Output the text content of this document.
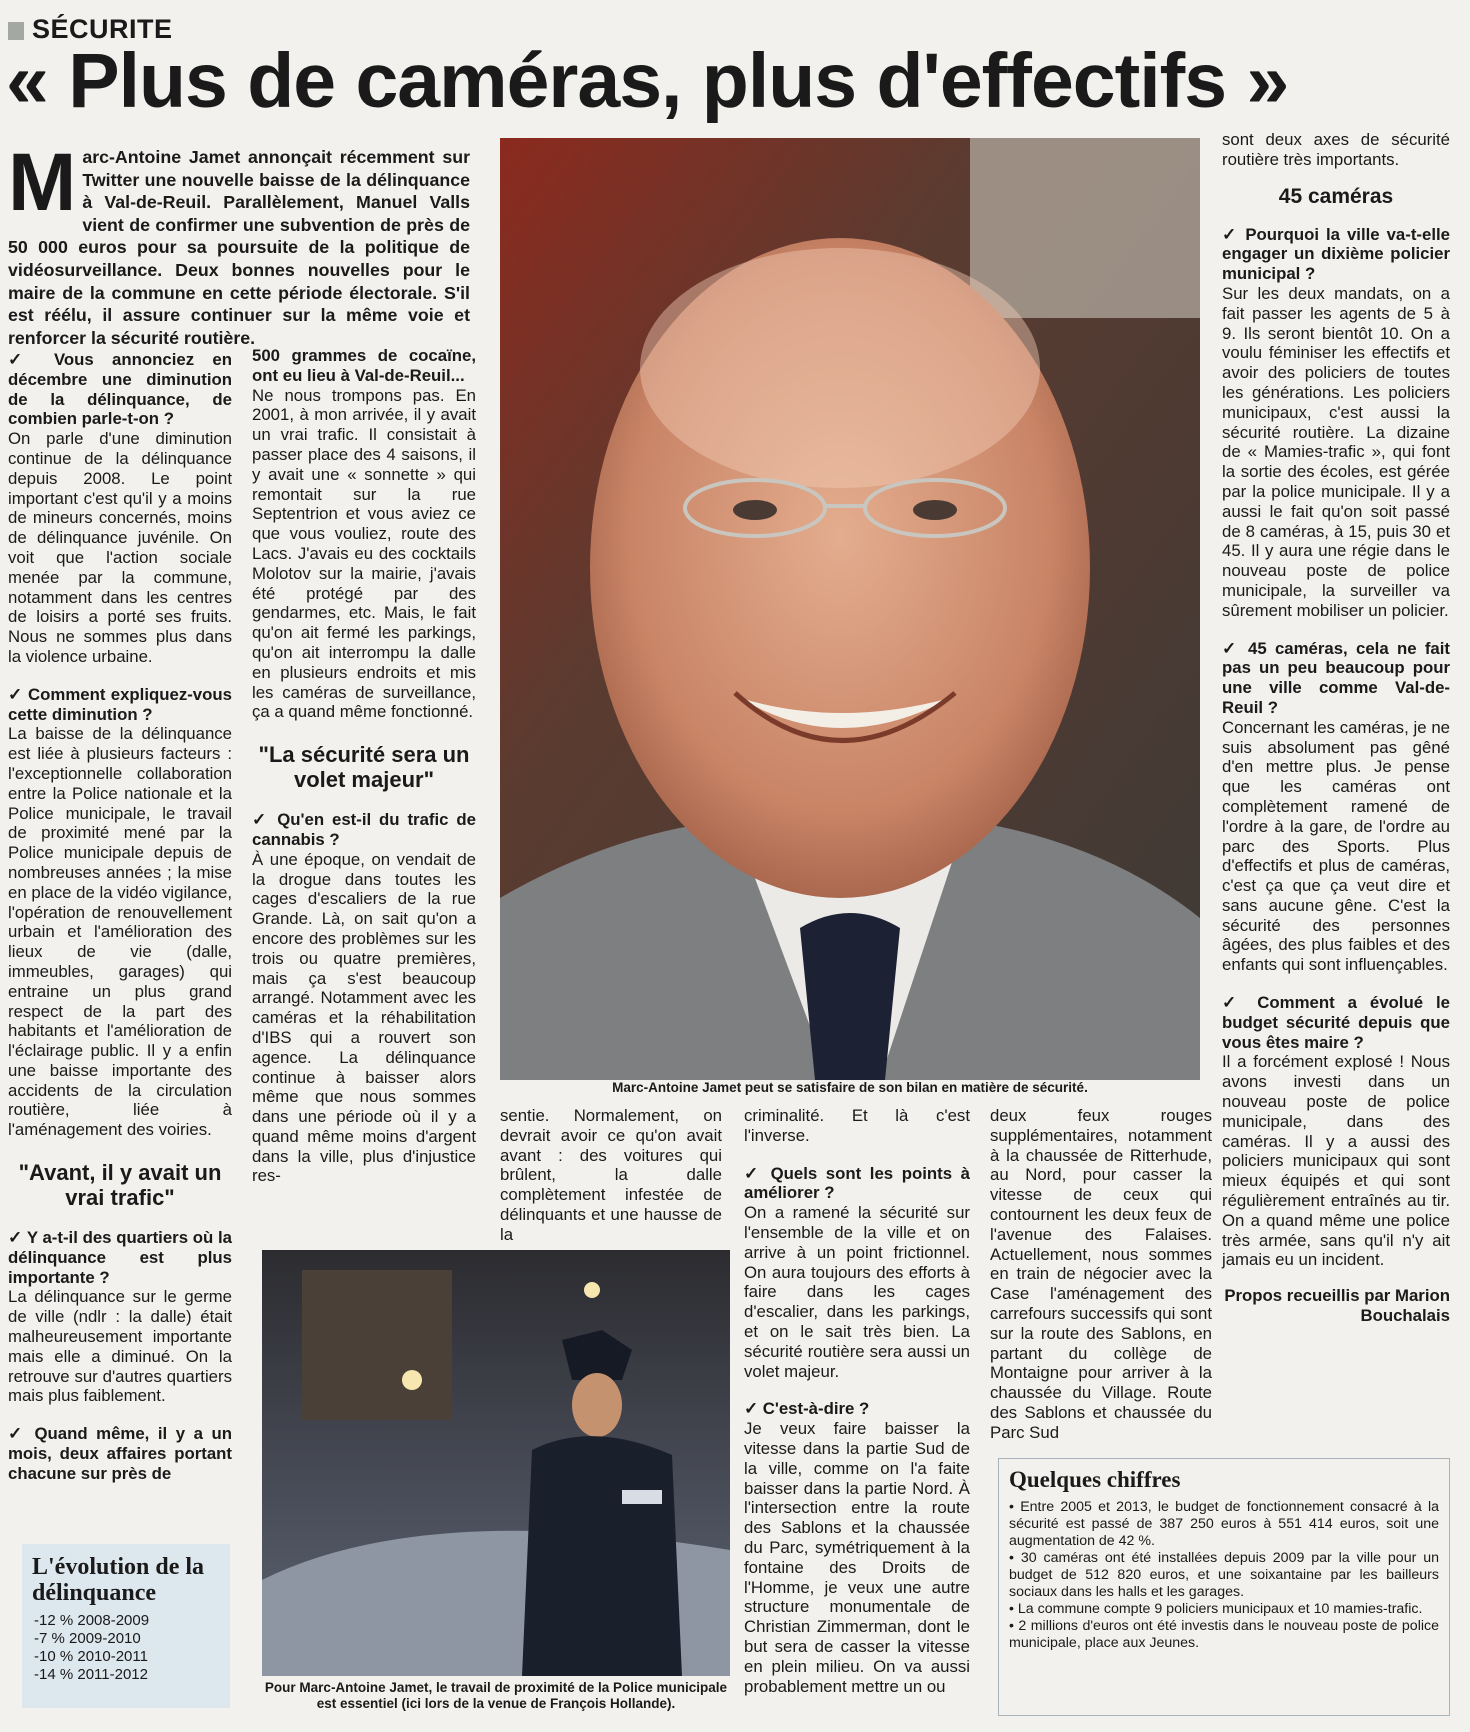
SÉCURITE
« Plus de caméras, plus d'effectifs »
Marc-Antoine Jamet annonçait récemment sur Twitter une nouvelle baisse de la délinquance à Val-de-Reuil. Parallèlement, Manuel Valls vient de confirmer une subvention de près de 50 000 euros pour sa poursuite de la politique de vidéosurveillance. Deux bonnes nouvelles pour le maire de la commune en cette période électorale. S'il est réélu, il assure continuer sur la même voie et renforcer la sécurité routière.
✓ Vous annonciez en décembre une diminution de la délinquance, de combien parle-t-on ?
On parle d'une diminution continue de la délinquance depuis 2008. Le point important c'est qu'il y a moins de mineurs concernés, moins de délinquance juvénile. On voit que l'action sociale menée par la commune, notamment dans les centres de loisirs a porté ses fruits. Nous ne sommes plus dans la violence urbaine.
✓ Comment expliquez-vous cette diminution ?
La baisse de la délinquance est liée à plusieurs facteurs : l'exceptionnelle collaboration entre la Police nationale et la Police municipale, le travail de proximité mené par la Police municipale depuis de nombreuses années ; la mise en place de la vidéo vigilance, l'opération de renouvellement urbain et l'amélioration des lieux de vie (dalle, immeubles, garages) qui entraine un plus grand respect de la part des habitants et l'amélioration de l'éclairage public. Il y a enfin une baisse importante des accidents de la circulation routière, liée à l'aménagement des voiries.
"Avant, il y avait un vrai trafic"
✓ Y a-t-il des quartiers où la délinquance est plus importante ?
La délinquance sur le germe de ville (ndlr : la dalle) était malheureusement importante mais elle a diminué. On la retrouve sur d'autres quartiers mais plus faiblement.
✓ Quand même, il y a un mois, deux affaires portant chacune sur près de
L'évolution de la délinquance
-12 % 2008-2009
-7 % 2009-2010
-10 % 2010-2011
-14 % 2011-2012
500 grammes de cocaïne, ont eu lieu à Val-de-Reuil...
Ne nous trompons pas. En 2001, à mon arrivée, il y avait un vrai trafic. Il consistait à passer place des 4 saisons, il y avait une « sonnette » qui remontait sur la rue Septentrion et vous aviez ce que vous vouliez, route des Lacs. J'avais eu des cocktails Molotov sur la mairie, j'avais été protégé par des gendarmes, etc. Mais, le fait qu'on ait fermé les parkings, qu'on ait interrompu la dalle en plusieurs endroits et mis les caméras de surveillance, ça a quand même fonctionné.
"La sécurité sera un volet majeur"
✓ Qu'en est-il du trafic de cannabis ?
À une époque, on vendait de la drogue dans toutes les cages d'escaliers de la rue Grande. Là, on sait qu'on a encore des problèmes sur les trois ou quatre premières, mais ça s'est beaucoup arrangé. Notamment avec les caméras et la réhabilitation d'IBS qui a rouvert son agence. La délinquance continue à baisser alors même que nous sommes dans une période où il y a quand même moins d'argent dans la ville, plus d'injustice res-
Marc-Antoine Jamet peut se satisfaire de son bilan en matière de sécurité.
Pour Marc-Antoine Jamet, le travail de proximité de la Police municipale est essentiel (ici lors de la venue de François Hollande).
sentie. Normalement, on devrait avoir ce qu'on avait avant : des voitures qui brûlent, la dalle complètement infestée de délinquants et une hausse de la
criminalité. Et là c'est l'inverse.
✓ Quels sont les points à améliorer ?
On a ramené la sécurité sur l'ensemble de la ville et on arrive à un point frictionnel. On aura toujours des efforts à faire dans les cages d'escalier, dans les parkings, et on le sait très bien. La sécurité routière sera aussi un volet majeur.
✓ C'est-à-dire ?
Je veux faire baisser la vitesse dans la partie Sud de la ville, comme on l'a faite baisser dans la partie Nord. À l'intersection entre la route des Sablons et la chaussée du Parc, symétriquement à la fontaine des Droits de l'Homme, je veux une autre structure monumentale de Christian Zimmerman, dont le but sera de casser la vitesse en plein milieu. On va aussi probablement mettre un ou
deux feux rouges supplémentaires, notamment à la chaussée de Ritterhude, au Nord, pour casser la vitesse de ceux qui contournent les deux feux de l'avenue des Falaises. Actuellement, nous sommes en train de négocier avec la Case l'aménagement des carrefours successifs qui sont sur la route des Sablons, en partant du collège de Montaigne pour arriver à la chaussée du Village. Route des Sablons et chaussée du Parc Sud
Quelques chiffres
• Entre 2005 et 2013, le budget de fonctionnement consacré à la sécurité est passé de 387 250 euros à 551 414 euros, soit une augmentation de 42 %.
• 30 caméras ont été installées depuis 2009 par la ville pour un budget de 512 820 euros, et une soixantaine par les bailleurs sociaux dans les halls et les garages.
• La commune compte 9 policiers municipaux et 10 mamies-trafic.
• 2 millions d'euros ont été investis dans le nouveau poste de police municipale, place aux Jeunes.
sont deux axes de sécurité routière très importants.
45 caméras
✓ Pourquoi la ville va-t-elle engager un dixième policier municipal ?
Sur les deux mandats, on a fait passer les agents de 5 à 9. Ils seront bientôt 10. On a voulu féminiser les effectifs et avoir des policiers de toutes les générations. Les policiers municipaux, c'est aussi la sécurité routière. La dizaine de « Mamies-trafic », qui font la sortie des écoles, est gérée par la police municipale. Il y a aussi le fait qu'on soit passé de 8 caméras, à 15, puis 30 et 45. Il y aura une régie dans le nouveau poste de police municipale, la surveiller va sûrement mobiliser un policier.
✓ 45 caméras, cela ne fait pas un peu beaucoup pour une ville comme Val-de-Reuil ?
Concernant les caméras, je ne suis absolument pas gêné d'en mettre plus. Je pense que les caméras ont complètement ramené de l'ordre à la gare, de l'ordre au parc des Sports. Plus d'effectifs et plus de caméras, c'est ça que ça veut dire et sans aucune gêne. C'est la sécurité des personnes âgées, des plus faibles et des enfants qui sont influençables.
✓ Comment a évolué le budget sécurité depuis que vous êtes maire ?
Il a forcément explosé ! Nous avons investi dans un nouveau poste de police municipale, dans des caméras. Il y a aussi des policiers municipaux qui sont mieux équipés et qui sont régulièrement entraînés au tir. On a quand même une police très armée, sans qu'il n'y ait jamais eu un incident.
Propos recueillis par Marion Bouchalais
